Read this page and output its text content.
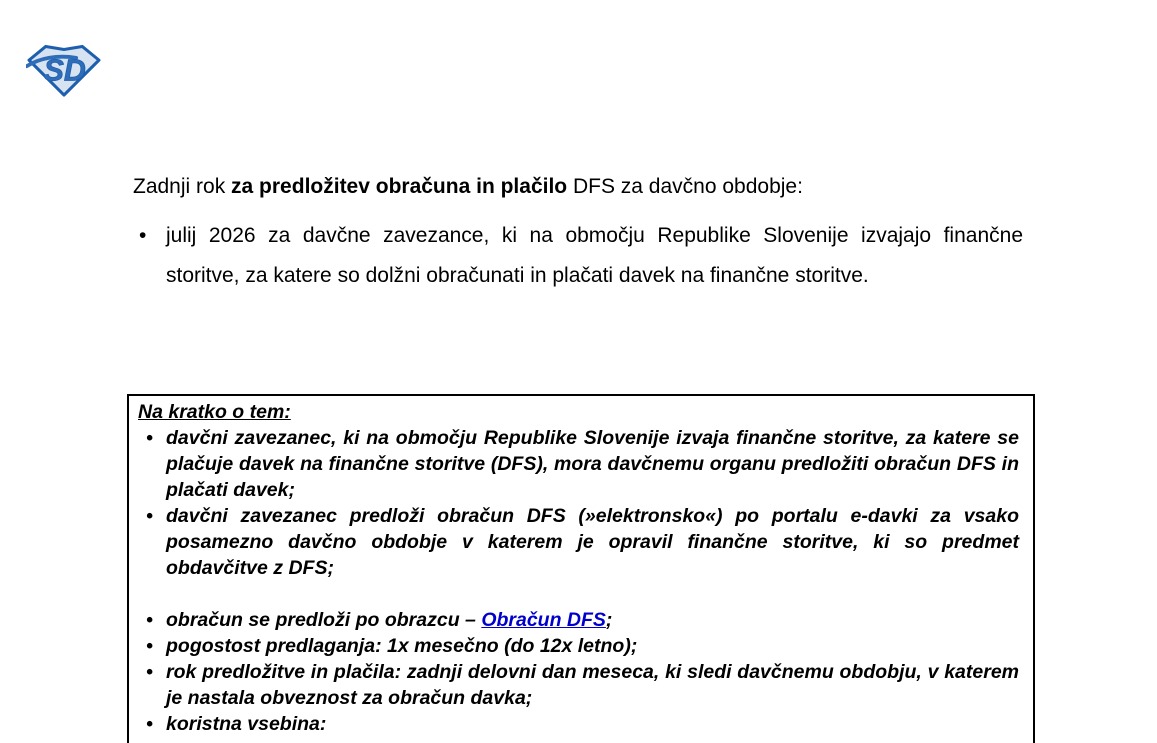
SD

Zadnji rok za predložitev obračuna in plačilo DFS za davčno obdobje:

•
julij 2026 za davčne zavezance, ki na območju Republike Slovenije izvajajo finančne storitve, za katere so dolžni obračunati in plačati davek na finančne storitve.
Na kratko o tem:
•
davčni zavezanec, ki na območju Republike Slovenije izvaja finančne storitve, za katere se plačuje davek na finančne storitve (DFS), mora davčnemu organu predložiti obračun DFS in plačati davek;
•
davčni zavezanec predloži obračun DFS (»elektronsko«) po portalu e-davki za vsako posamezno davčno obdobje v katerem je opravil finančne storitve, ki so predmet obdavčitve z DFS;
•
obračun se predloži po obrazcu – Obračun DFS;
•
pogostost predlaganja: 1x mesečno (do 12x letno);
•
rok predložitve in plačila: zadnji delovni dan meseca, ki sledi davčnemu obdobju, v katerem je nastala obveznost za obračun davka;
•
koristna vsebina:
